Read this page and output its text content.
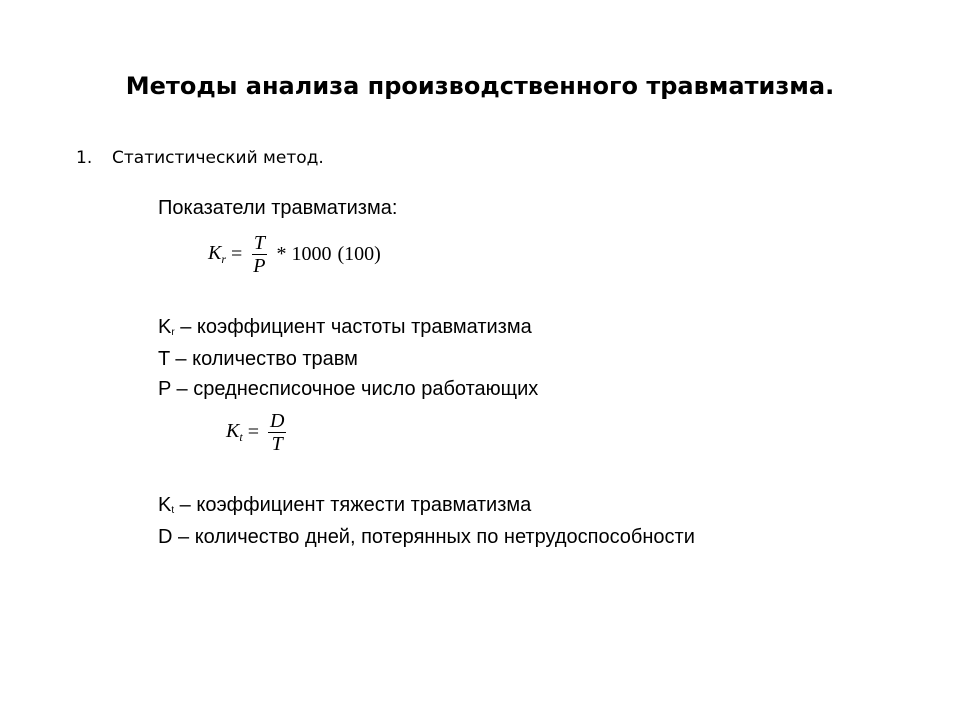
Методы анализа производственного травматизма.
1. Статистический метод.
Показатели травматизма:
$K_r = \frac{T}{P} * 1000$ (100)
$K_r$ – коэффициент частоты травматизма
T – количество травм
P – среднесписочное число работающих
$K_t = \frac{D}{T}$
$K_t$ – коэффициент тяжести травматизма
D – количество дней, потерянных по нетрудоспособности
